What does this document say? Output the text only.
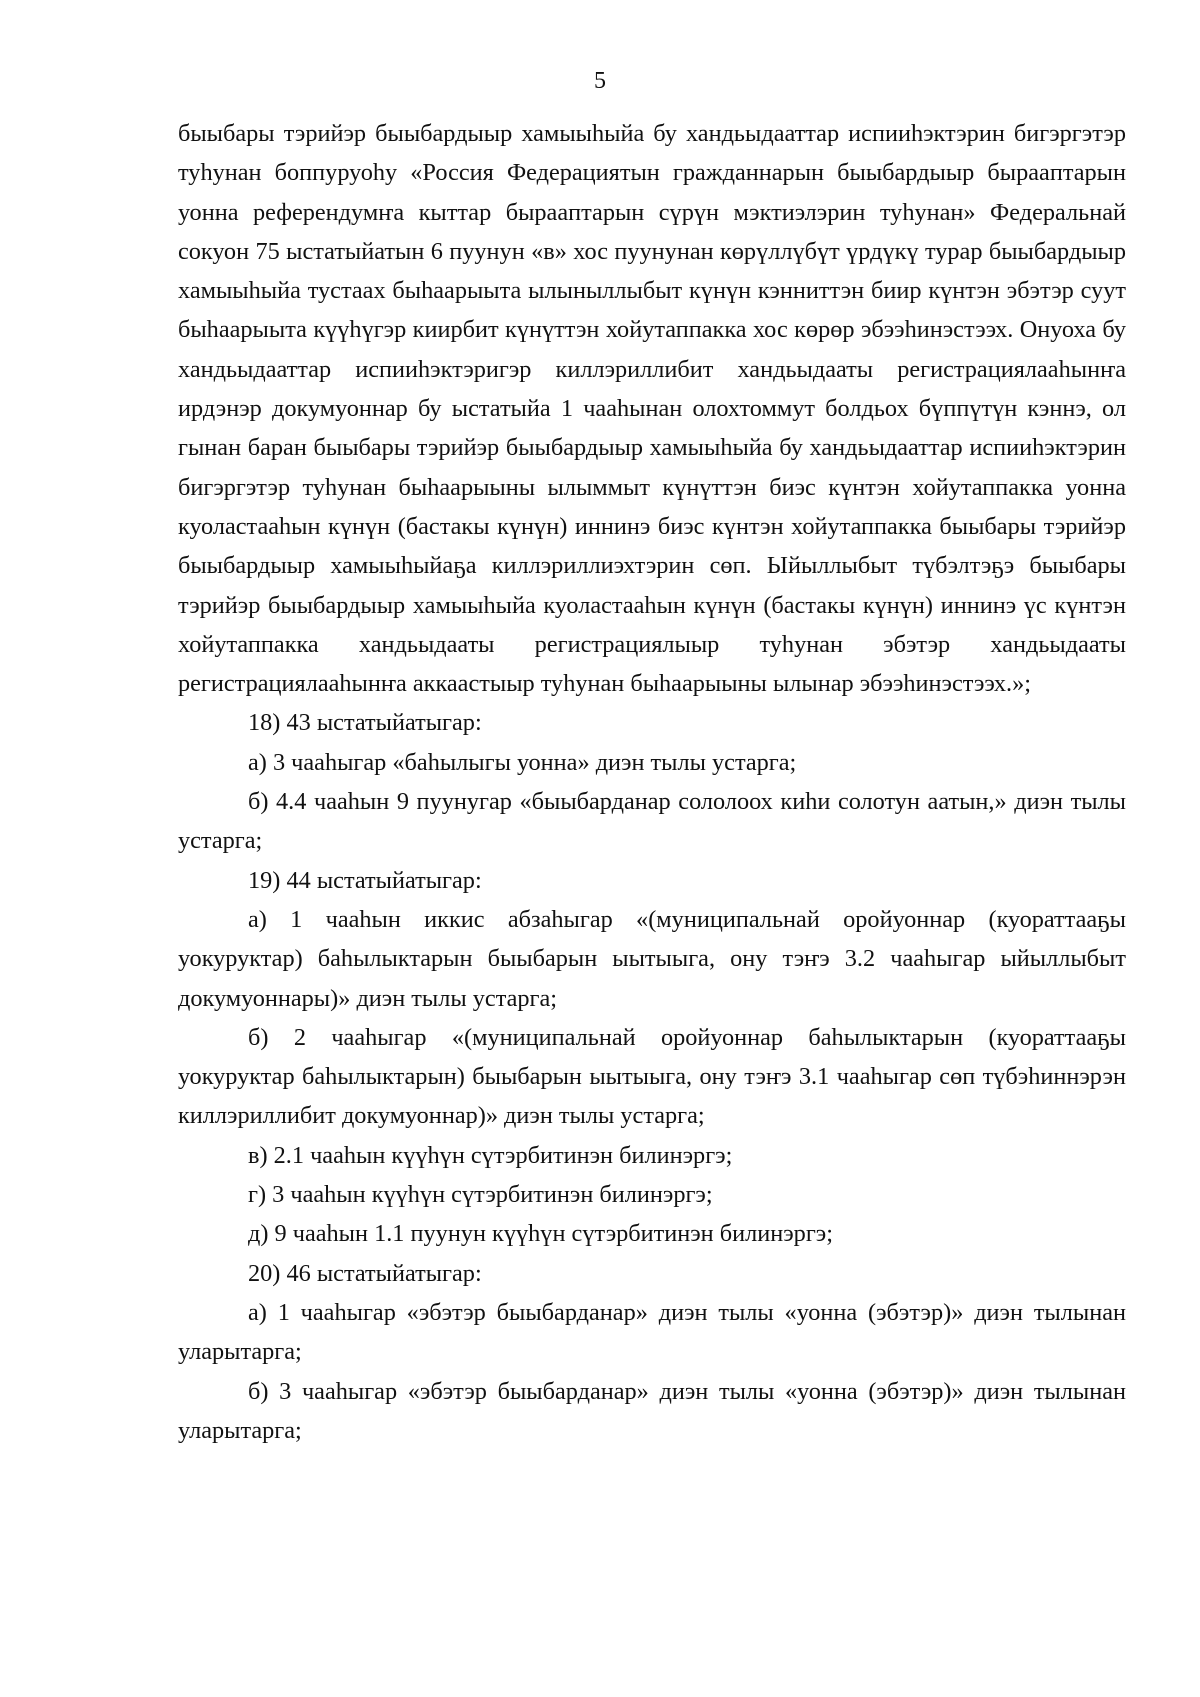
5

быыбары тэрийэр быыбардыыр хамыыһыйа бу хандьыдааттар испииһэктэрин бигэргэтэр туһунан боппуруоһу «Россия Федерациятын гражданнарын быыбардыыр быраaптарын уонна референдумҥа кыттар быраaптарын сүрүн мэктиэлэрин туһунан» Федеральнай сокуон 75 ыстатыйатын 6 пуунун «в» хос пуунунан көрүллүбүт үрдүкү турар быыбардыыр хамыыһыйа тустаах быһаарыыта ылыныллыбыт күнүн кэнниттэн биир күнтэн эбэтэр суут быһаарыыта күүһүгэр киирбит күнүттэн хойутаппакка хос көрөр эбээһинэстээх. Онуоха бу хандьыдааттар испииһэктэригэр киллэриллибит хандьыдааты регистрациялааһынҥа ирдэнэр докумуоннар бу ыстатыйа 1 чааһынан олохтоммут болдьох бүппүтүн кэннэ, ол гынан баран быыбары тэрийэр быыбардыыр хамыыһыйа бу хандьыдааттар испииһэктэрин бигэргэтэр туһунан быһаарыыны ылыммыт күнүттэн биэс күнтэн хойутаппакка уонна куоластааһын күнүн (бастакы күнүн) иннинэ биэс күнтэн хойутаппакка быыбары тэрийэр быыбардыыр хамыыһыйаҕа киллэриллиэхтэрин сөп. Ыйыллыбыт түбэлтэҕэ быыбары тэрийэр быыбардыыр хамыыһыйа куоластааһын күнүн (бастакы күнүн) иннинэ үс күнтэн хойутаппакка хандьыдааты регистрациялыыр туһунан эбэтэр хандьыдааты регистрациялааһынҥа аккаастыыр туһунан быһаарыыны ылынар эбээһинэстээх.»;

18) 43 ыстатыйатыгар:

а) 3 чааһыгар «баһылыгы уонна» диэн тылы устарга;

б) 4.4 чааһын 9 пуунугар «быыбарданар сололоох киһи солотун аатын,» диэн тылы устарга;

19) 44 ыстатыйатыгар:

а) 1 чааһын иккис абзаһыгар «(муниципальнай оройуоннар (куораттааҕы уокуруктар) баһылыктарын быыбарын ыытыыга, ону тэҥэ 3.2 чааһыгар ыйыллыбыт докумуоннары)» диэн тылы устарга;

б) 2 чааһыгар «(муниципальнай оройуоннар баһылыктарын (куораттааҕы уокуруктар баһылыктарын) быыбарын ыытыыга, ону тэҥэ 3.1 чааһыгар сөп түбэһиннэрэн киллэриллибит докумуоннар)» диэн тылы устарга;

в) 2.1 чааһын күүһүн сүтэрбитинэн билинэргэ;

г) 3 чааһын күүһүн сүтэрбитинэн билинэргэ;

д) 9 чааһын 1.1 пуунун күүһүн сүтэрбитинэн билинэргэ;

20) 46 ыстатыйатыгар:

а) 1 чааһыгар «эбэтэр быыбарданар» диэн тылы «уонна (эбэтэр)» диэн тылынан уларытарга;

б) 3 чааһыгар «эбэтэр быыбарданар» диэн тылы «уонна (эбэтэр)» диэн тылынан уларытарга;
